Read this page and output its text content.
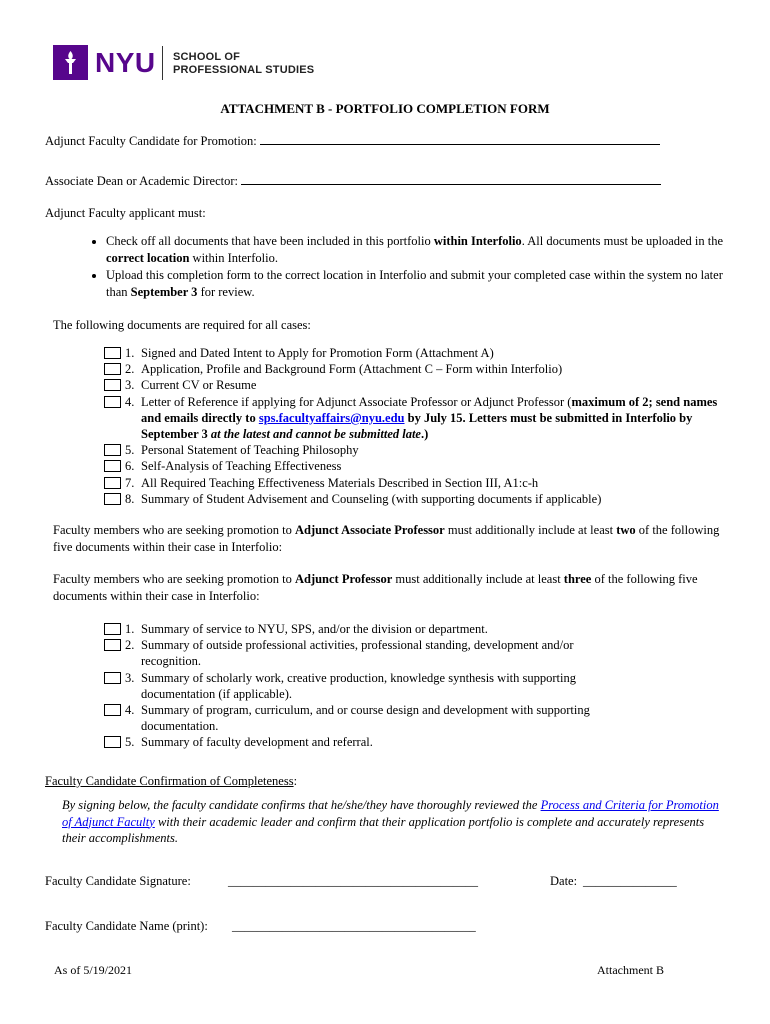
NYU SCHOOL OF
PROFESSIONAL STUDIES
ATTACHMENT B - PORTFOLIO COMPLETION FORM
Adjunct Faculty Candidate for Promotion:
Associate Dean or Academic Director:
Adjunct Faculty applicant must:
• Check off all documents that have been included in this portfolio within Interfolio. All documents must be uploaded in the correct location within Interfolio.
• Upload this completion form to the correct location in Interfolio and submit your completed case within the system no later than September 3 for review.
The following documents are required for all cases:
1. Signed and Dated Intent to Apply for Promotion Form (Attachment A)
2. Application, Profile and Background Form (Attachment C – Form within Interfolio)
3. Current CV or Resume
4. Letter of Reference if applying for Adjunct Associate Professor or Adjunct Professor (maximum of 2; send names and emails directly to sps.facultyaffairs@nyu.edu by July 15. Letters must be submitted in Interfolio by September 3 at the latest and cannot be submitted late.)
5. Personal Statement of Teaching Philosophy
6. Self-Analysis of Teaching Effectiveness
7. All Required Teaching Effectiveness Materials Described in Section III, A1:c-h
8. Summary of Student Advisement and Counseling (with supporting documents if applicable)
Faculty members who are seeking promotion to Adjunct Associate Professor must additionally include at least two of the following five documents within their case in Interfolio:
Faculty members who are seeking promotion to Adjunct Professor must additionally include at least three of the following five documents within their case in Interfolio:
1. Summary of service to NYU, SPS, and/or the division or department.
2. Summary of outside professional activities, professional standing, development and/or recognition.
3. Summary of scholarly work, creative production, knowledge synthesis with supporting documentation (if applicable).
4. Summary of program, curriculum, and or course design and development with supporting documentation.
5. Summary of faculty development and referral.
Faculty Candidate Confirmation of Completeness:
By signing below, the faculty candidate confirms that he/she/they have thoroughly reviewed the Process and Criteria for Promotion of Adjunct Faculty with their academic leader and confirm that their application portfolio is complete and accurately represents their accomplishments.
Faculty Candidate Signature:	________________________________________	Date: _______________
Faculty Candidate Name (print): _______________________________________
As of 5/19/2021	Attachment B
